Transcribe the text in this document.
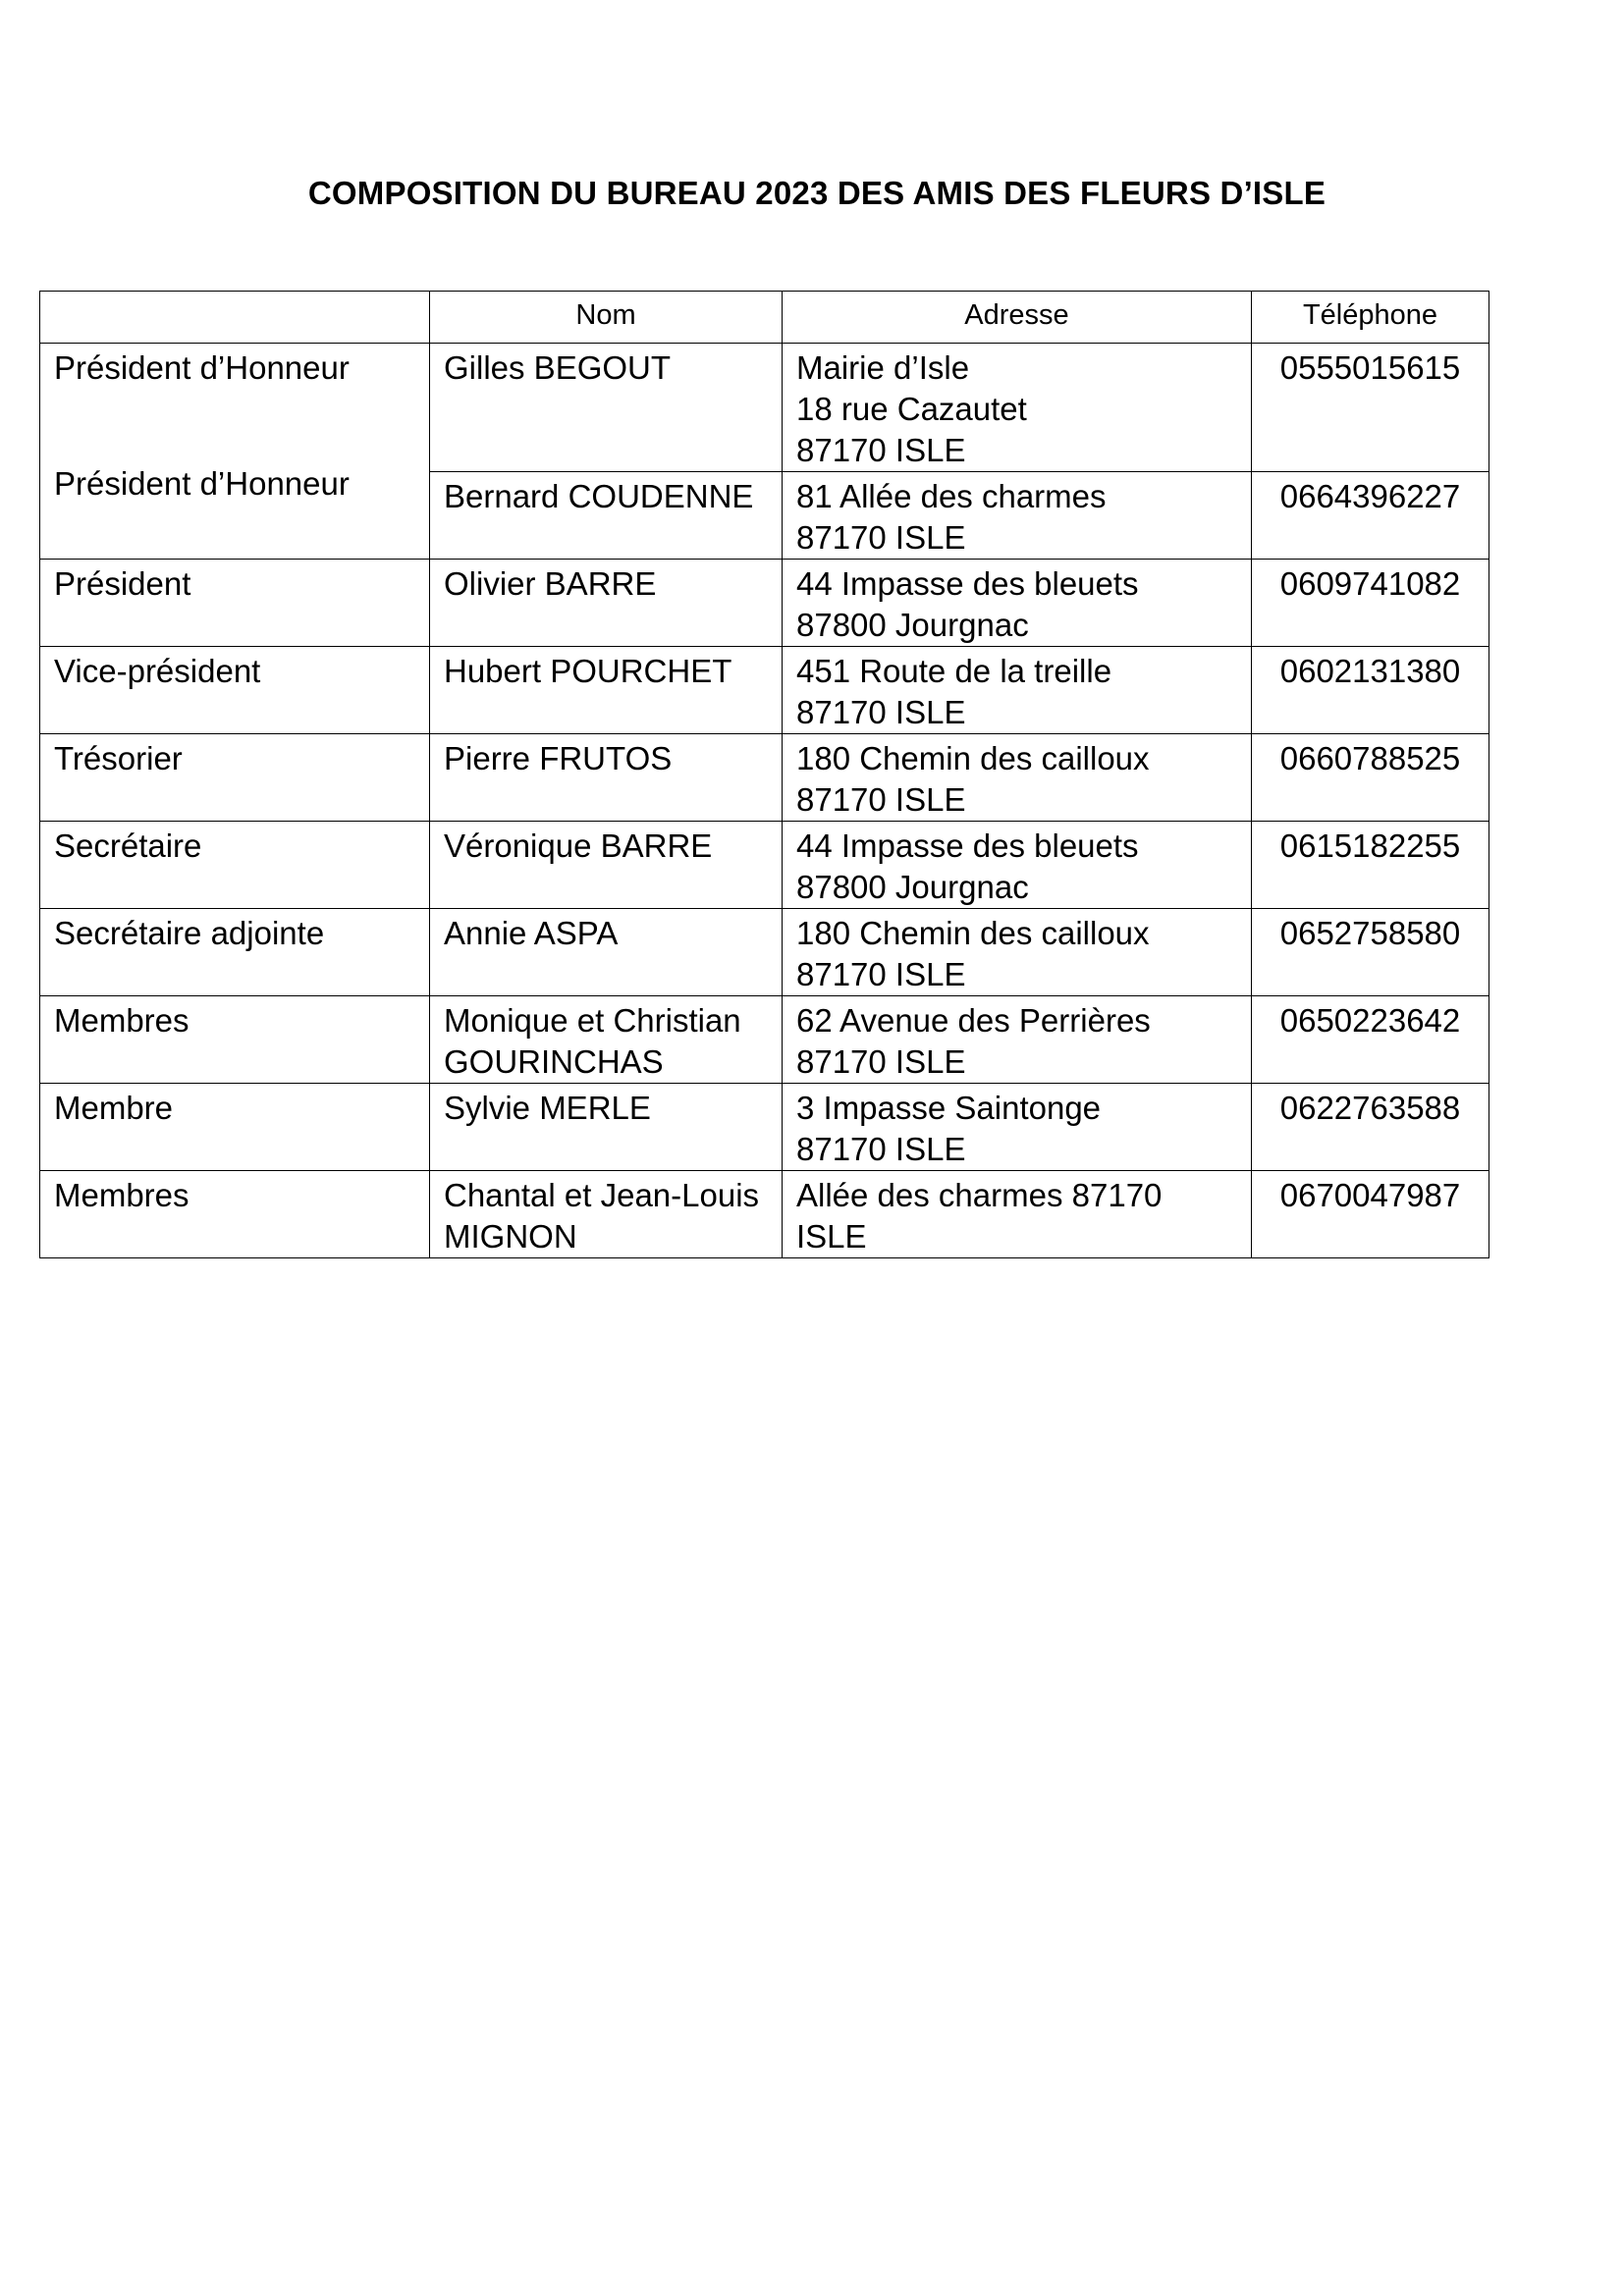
COMPOSITION DU BUREAU 2023 DES AMIS DES FLEURS D’ISLE
	Nom	Adresse	Téléphone

Président d’Honneur
Président d’Honneur	Gilles BEGOUT	Mairie d’Isle
18 rue Cazautet
87170 ISLE	0555015615

	Bernard COUDENNE	81 Allée des charmes
87170 ISLE	0664396227
Président	Olivier BARRE	44 Impasse des bleuets
87800 Jourgnac	0609741082
Vice-président	Hubert POURCHET	451 Route de la treille
87170 ISLE	0602131380
Trésorier	Pierre FRUTOS	180 Chemin des cailloux
87170 ISLE	0660788525
Secrétaire	Véronique BARRE	44 Impasse des bleuets
87800 Jourgnac	0615182255
Secrétaire adjointe	Annie ASPA	180 Chemin des cailloux
87170 ISLE	0652758580
Membres	Monique et Christian
GOURINCHAS	62 Avenue des Perrières
87170 ISLE	0650223642
Membre	Sylvie MERLE	3 Impasse Saintonge
87170 ISLE	0622763588
Membres	Chantal et Jean-Louis
MIGNON	Allée des charmes 87170
ISLE	0670047987
